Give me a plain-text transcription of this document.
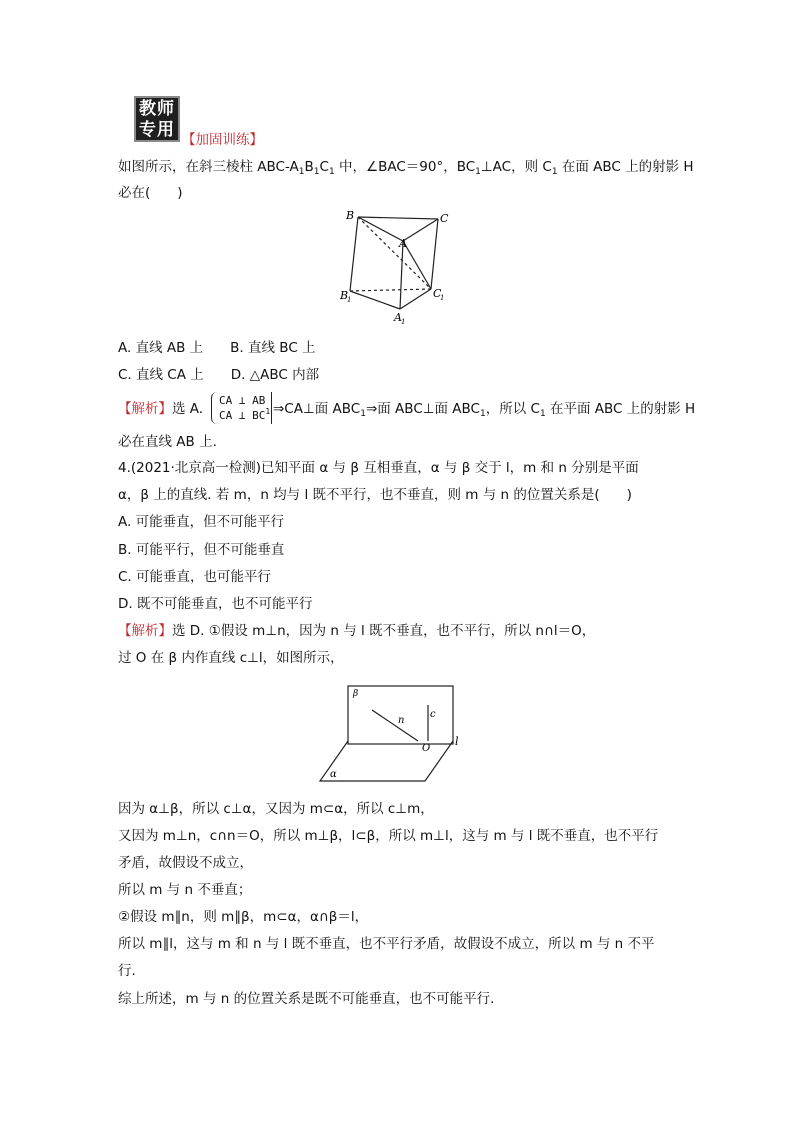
教师
专用 【加固训练】
如图所示，在斜三棱柱 ABC-$A_1B_1C_1$ 中，∠BAC＝90°，$BC_1\perp AC$，则 $C_1$ 在面 ABC 上的射影 H
必在(　　)
B	C
A
C
1
B
1
A 1
A. 直线 AB 上　　B. 直线 BC 上
C. 直线 CA 上　　D. △ABC 内部
【解析】选 A.
CA ⊥ AB
CA ⊥ $BC^1$ ⇒CA⊥面 $ABC_1\Rightarrow$面 ABC⊥面 $ABC_1$，所以 $C_1$ 在平面 ABC 上的射影 H
必在直线 AB 上.
4.(2021·北京高一检测)已知平面 α 与 β 互相垂直，α 与 β 交于 l，m 和 n 分别是平面
α，β 上的直线. 若 m，n 均与 l 既不平行，也不垂直，则 m 与 n 的位置关系是(　　)
A. 可能垂直，但不可能平行
B. 可能平行，但不可能垂直
C. 可能垂直，也可能平行
D. 既不可能垂直，也不可能平行
【解析】选 D. ①假设 m⊥n，因为 n 与 l 既不垂直，也不平行，所以 n∩l＝O，
过 O 在 β 内作直线 c⊥l，如图所示，
β
n
c
O
l
α
因为 α⊥β，所以 c⊥α，又因为 m⊂α，所以 c⊥m，
又因为 m⊥n，c∩n＝O，所以 m⊥β，l⊂β，所以 m⊥l，这与 m 与 l 既不垂直，也不平行
矛盾，故假设不成立，
所以 m 与 n 不垂直；
②假设 m∥n，则 m∥β，m⊂α，α∩β＝l，
所以 m∥l，这与 m 和 n 与 l 既不垂直，也不平行矛盾，故假设不成立，所以 m 与 n 不平
行.
综上所述，m 与 n 的位置关系是既不可能垂直，也不可能平行.
